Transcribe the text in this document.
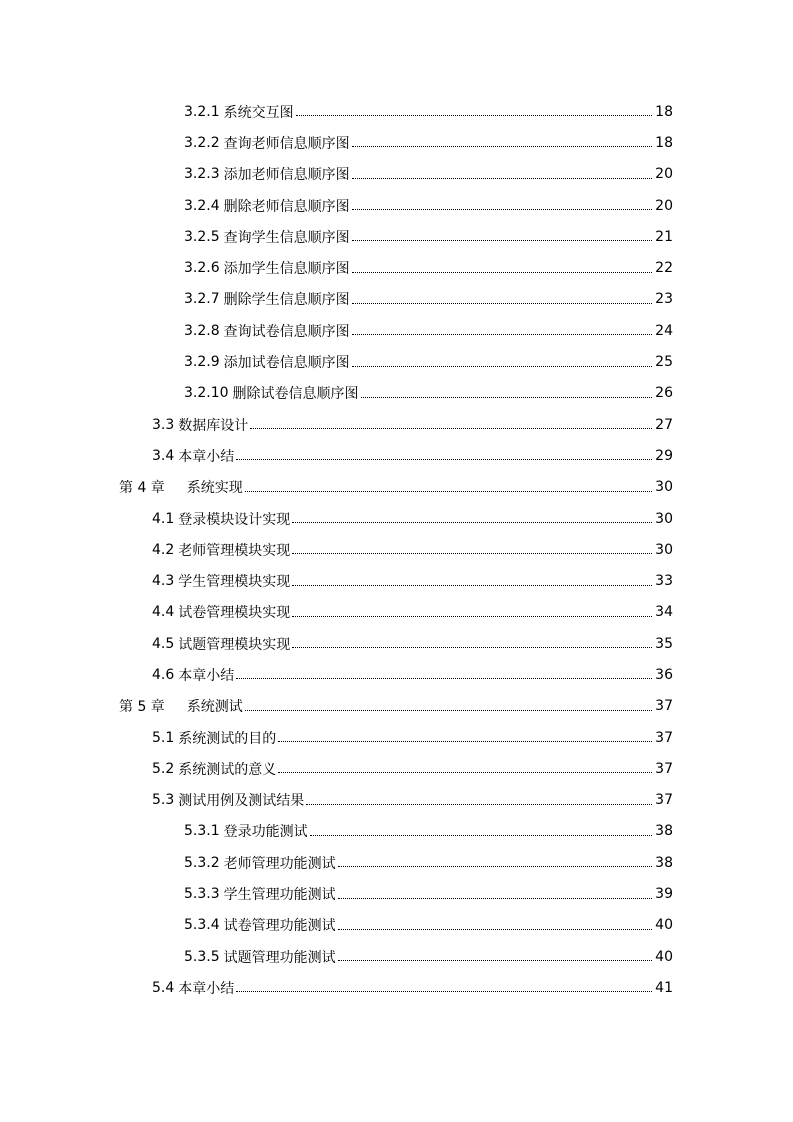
3.2.1 系统交互图	18
3.2.2 查询老师信息顺序图	18
3.2.3 添加老师信息顺序图	20
3.2.4 删除老师信息顺序图	20
3.2.5 查询学生信息顺序图	21
3.2.6 添加学生信息顺序图	22
3.2.7 删除学生信息顺序图	23
3.2.8 查询试卷信息顺序图	24
3.2.9 添加试卷信息顺序图	25
3.2.10 删除试卷信息顺序图	26
3.3 数据库设计	27
3.4 本章小结	29
第 4 章 系统实现	30
4.1 登录模块设计实现	30
4.2 老师管理模块实现	30
4.3 学生管理模块实现	33
4.4 试卷管理模块实现	34
4.5 试题管理模块实现	35
4.6 本章小结	36
第 5 章 系统测试	37
5.1 系统测试的目的	37
5.2 系统测试的意义	37
5.3 测试用例及测试结果	37
5.3.1 登录功能测试	38
5.3.2 老师管理功能测试	38
5.3.3 学生管理功能测试	39
5.3.4 试卷管理功能测试	40
5.3.5 试题管理功能测试	40
5.4 本章小结	41
